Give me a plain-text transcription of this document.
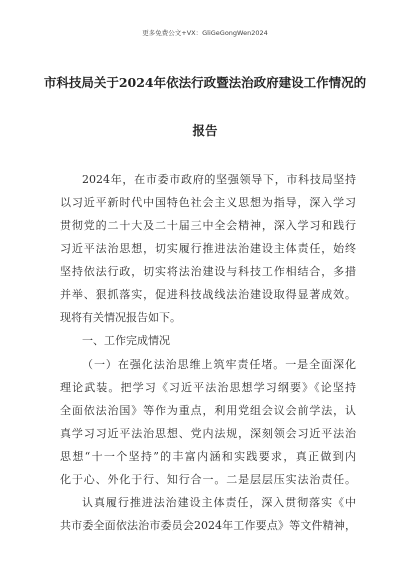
更多免费公文+VX：GliGeGongWen2024
市科技局关于2024年依法行政暨法治政府建设工作情况的
报告
2024年，在市委市政府的坚强领导下，市科技局坚持
以习近平新时代中国特色社会主义思想为指导，深入学习
贯彻党的二十大及二十届三中全会精神，深入学习和践行
习近平法治思想，切实履行推进法治建设主体责任，始终
坚持依法行政，切实将法治建设与科技工作相结合，多措
并举、狠抓落实，促进科技战线法治建设取得显著成效。
现将有关情况报告如下。
一、工作完成情况
（一）在强化法治思维上筑牢责任堵。一是全面深化
理论武装。把学习《习近平法治思想学习纲要》《论坚持
全面依法治国》等作为重点，利用党组会议会前学法，认
真学习习近平法治思想、党内法规，深刻领会习近平法治
思想“十一个坚持”的丰富内涵和实践要求，真正做到内
化于心、外化于行、知行合一。二是层层压实法治责任。
认真履行推进法治建设主体责任，深入贯彻落实《中
共市委全面依法治市委员会2024年工作要点》等文件精神，
